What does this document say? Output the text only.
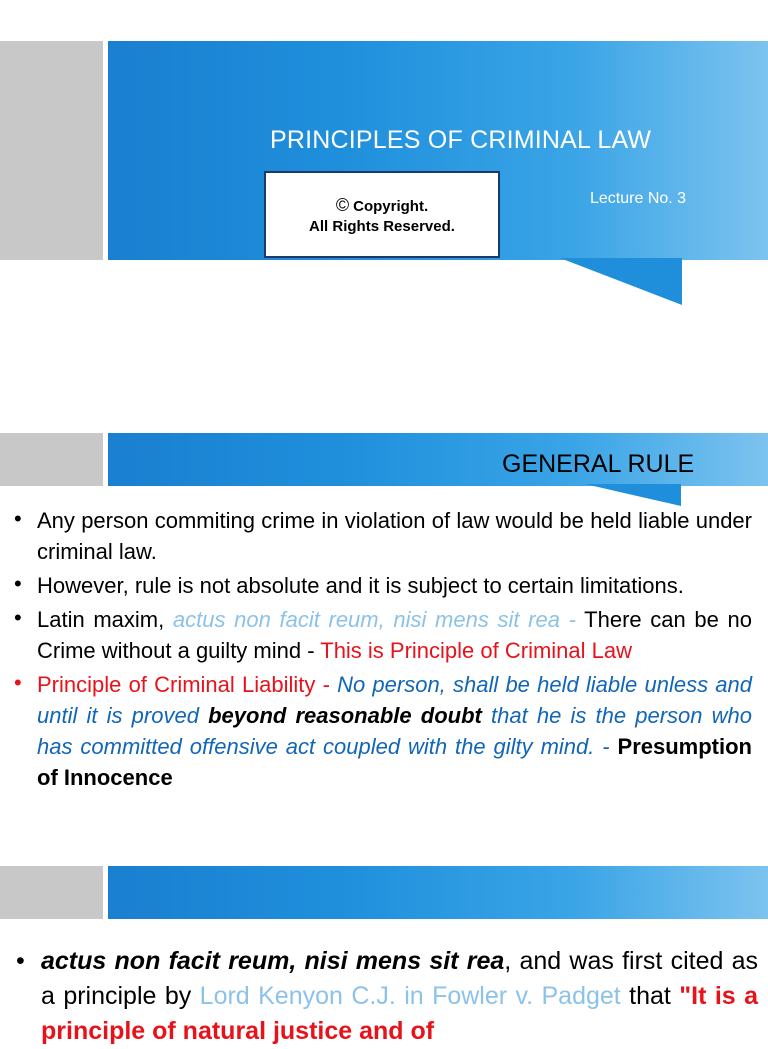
PRINCIPLES OF CRIMINAL LAW
© Copyright.
All Rights Reserved.
Lecture No. 3
GENERAL RULE
• Any person commiting crime in violation of law would be held liable under criminal law.
• However, rule is not absolute and it is subject to certain limitations.
• Latin maxim, actus non facit reum, nisi mens sit rea - There can be no Crime without a guilty mind - This is Principle of Criminal Law
• Principle of Criminal Liability - No person, shall be held liable unless and until it is proved beyond reasonable doubt that he is the person who has committed offensive act coupled with the gilty mind. - Presumption of Innocence
• actus non facit reum, nisi mens sit rea, and was first cited as a principle by Lord Kenyon C.J. in Fowler v. Padget that "It is a principle of natural justice and of
